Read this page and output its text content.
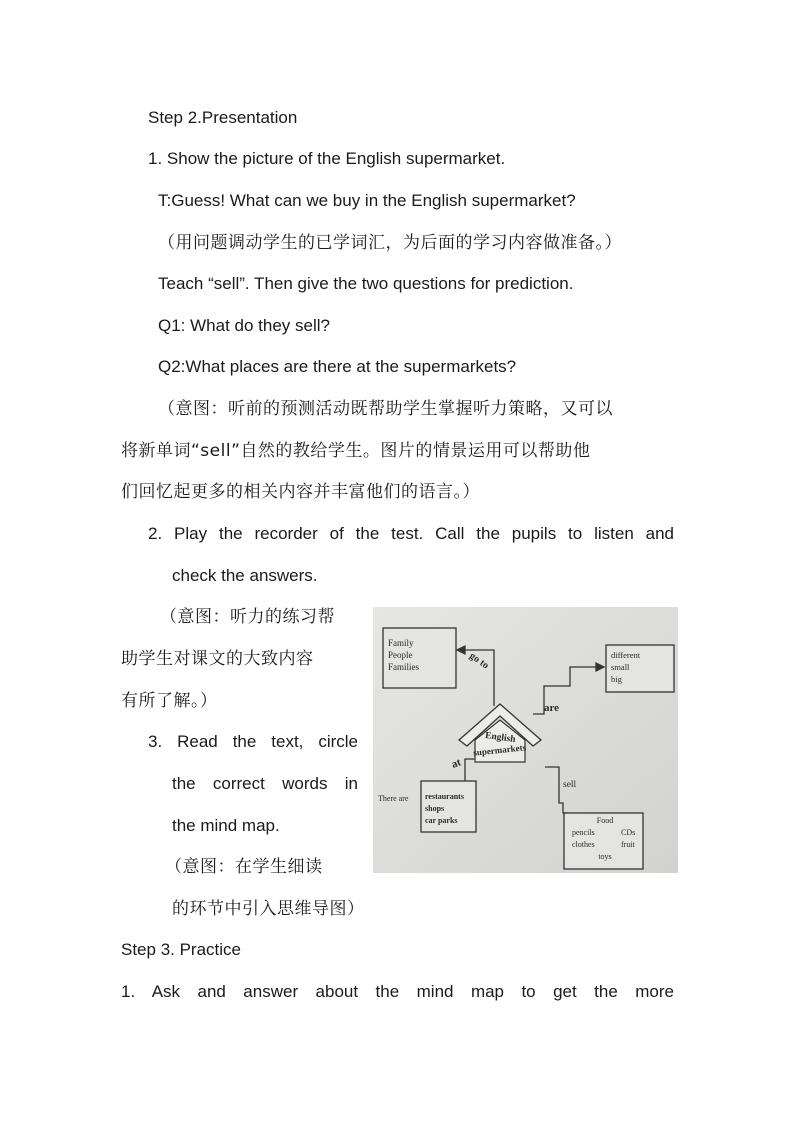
Step 2.Presentation
1. Show the picture of the English supermarket.
T:Guess! What can we buy in the English supermarket?
（用问题调动学生的已学词汇，为后面的学习内容做准备。）
Teach “sell”. Then give the two questions for prediction.
Q1: What do they sell?
Q2:What places are there at the supermarkets?
（意图：听前的预测活动既帮助学生掌握听力策略，又可以
将新单词“sell”自然的教给学生。图片的情景运用可以帮助他
们回忆起更多的相关内容并丰富他们的语言。）
2. Play the recorder of the test. Call the pupils to listen and
check the answers.
（意图：听力的练习帮
助学生对课文的大致内容
有所了解。）
3. Read the text, circle
the correct words in
the mind map.
（意图：在学生细读
的环节中引入思维导图）
Step 3. Practice
1. Ask and answer about the mind map to get the more
English
supermarkets
go to
are
at
sell
There are
Family
People
Families
different
small
big
restaurants
shops
car parks	Food
pencils	CDs
clothes	fruit
toys
